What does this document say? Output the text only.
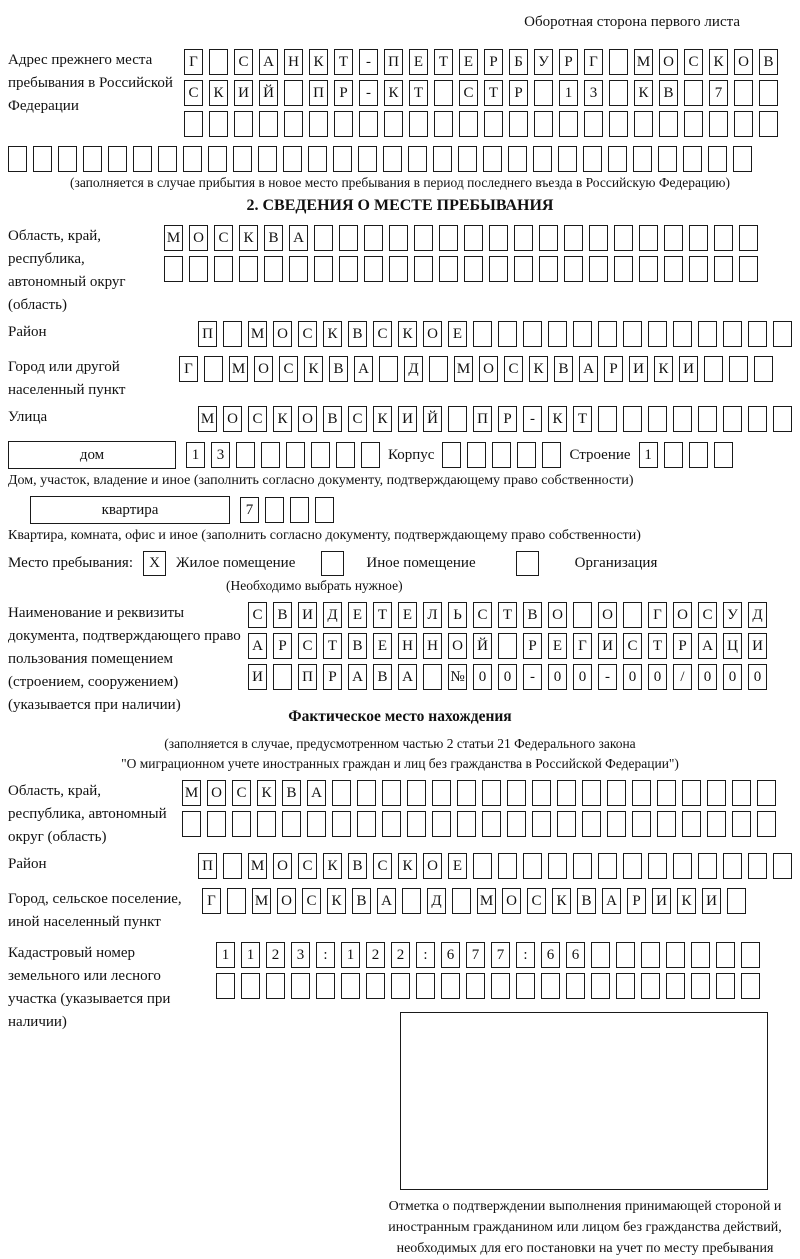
Оборотная сторона первого листа
Адрес прежнего места пребывания в Российской Федерации
Г	С А Н К	Т	-	П Е	Т	Е	Р	Б	У	Р	Г	М О С К О В
С К И Й	П	Р	-	К	Т	С	Т	Р	1	3	К В	7
(заполняется в случае прибытия в новое место пребывания в период последнего въезда в Российскую Федерацию)
2. СВЕДЕНИЯ О МЕСТЕ ПРЕБЫВАНИЯ
Область, край, республика, автономный округ (область)
М О С К В А
Район	П	М О С К В С К О Е
Город или другой населенный пункт
Г	М О С К В А	Д	М О С К В А	Р	И К И
Улица	М О С К О В С К И Й	П	Р	-	К	Т
дом	1	3	Корпус	Строение 1
Дом, участок, владение и иное (заполнить согласно документу, подтверждающему право собственности)
квартира	7
Квартира, комната, офис и иное (заполнить согласно документу, подтверждающему право собственности)
Место пребывания:	X	Жилое помещение	Иное помещение	Организация
(Необходимо выбрать нужное)
Наименование и реквизиты документа, подтверждающего право пользования помещением (строением, сооружением) (указывается при наличии)
С В И Д	Е	Т	Е	Л	Ь	С	Т	В О	О	Г	О С У Д
А	Р	С	Т	В	Е	Н Н О Й	Р	Е	Г	И С	Т	Р	А Ц И
И	П	Р	А В А № 0	0	-	0	0	-	0	0	/	0	0	0
Фактическое место нахождения
(заполняется в случае, предусмотренном частью 2 статьи 21 Федерального закона
"О миграционном учете иностранных граждан и лиц без гражданства в Российской Федерации")
Область, край, республика, автономный округ (область)
М О С К В А
Район	П	М О С К В С К О Е
Город, сельское поселение, иной населенный пункт
Г	М О С К В А	Д	М О С К В А	Р	И К И
Кадастровый номер земельного или лесного участка (указывается при наличии)
1	1	2	3	:	1	2	2	:	6	7	7	:	6	6
Отметка о подтверждении выполнения принимающей стороной и иностранным гражданином или лицом без гражданства действий, необходимых для его постановки на учет по месту пребывания
